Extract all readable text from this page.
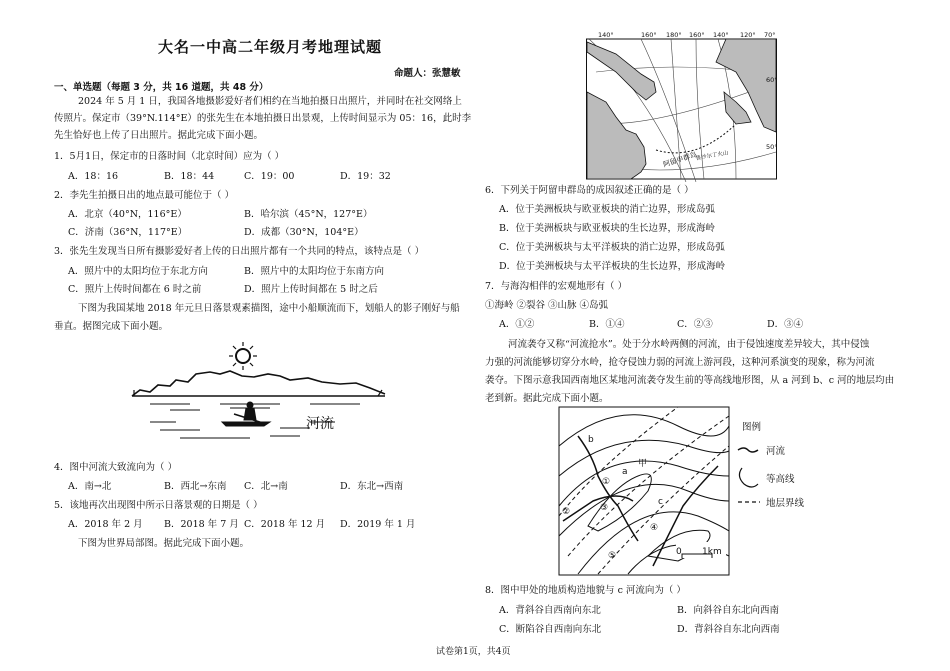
大名一中高二年级月考地理试题
命题人：张慧敏
一、单选题（每题 3 分，共 16 道题，共 48 分）
2024 年 5 月 1 日，我国各地摄影爱好者们相约在当地拍摄日出照片，并同时在社交网络上
传照片。保定市（39°N.114°E）的张先生在本地拍摄日出景观，上传时间显示为 05：16，此时李
先生恰好也上传了日出照片。据此完成下面小题。
1．5月1日，保定市的日落时间（北京时间）应为（ ）
A．18：16	B．18：44	C．19：00	D．19：32
2．李先生拍摄日出的地点最可能位于（ ）
A．北京（40°N，116°E）	B．哈尔滨（45°N，127°E）
C．济南（36°N，117°E）	D．成都（30°N，104°E）
3．张先生发现当日所有摄影爱好者上传的日出照片都有一个共同的特点，该特点是（ ）
A．照片中的太阳均位于东北方向	B．照片中的太阳均位于东南方向
C．照片上传时间都在 6 时之前	D．照片上传时间都在 5 时之后
下图为我国某地 2018 年元旦日落景观素描图，途中小船顺流而下，划船人的影子刚好与船
垂直。据图完成下面小题。
河流
4．图中河流大致流向为（ ）
A．南→北	B．西北→东南 C．北→南	D．东北→西南
5．该地再次出现图中所示日落景观的日期是（ ）
A．2018 年 2 月 B．2018 年 7 月 C．2018 年 12 月 D．2019 年 1 月
下图为世界局部图。据此完成下面小题。
140°	160° 180° 160° 140° 120° 70°
阿留申群岛
鲁沙尔丁火山
60°
50°
6．下列关于阿留申群岛的成因叙述正确的是（ ）
A．位于美洲板块与欧亚板块的消亡边界，形成岛弧
B．位于美洲板块与欧亚板块的生长边界，形成海岭
C．位于美洲板块与太平洋板块的消亡边界，形成岛弧
D．位于美洲板块与太平洋板块的生长边界，形成海岭
7．与海沟相伴的宏观地形有（ ）
①海岭 ②裂谷 ③山脉 ④岛弧
A．①②	B．①④	C．②③	D．③④
河流袭夺又称“河流抢水”。处于分水岭两侧的河流，由于侵蚀速度差异较大，其中侵蚀
力强的河流能够切穿分水岭，抢夺侵蚀力弱的河流上游河段，这种河系演变的现象，称为河流
袭夺。下图示意我国西南地区某地河流袭夺发生前的等高线地形图，从 a 河到 b、c 河的地层均由
老到新。据此完成下面小题。
b
a
甲
c
①
②	③
④
⑤	0 1km
图例
河流
等高线
地层界线
8．图中甲处的地质构造地貌与 c 河流向为（ ）
A．背斜谷自西南向东北	B．向斜谷自东北向西南
C．断陷谷自西南向东北	D．背斜谷自东北向西南
试卷第1页，共4页
